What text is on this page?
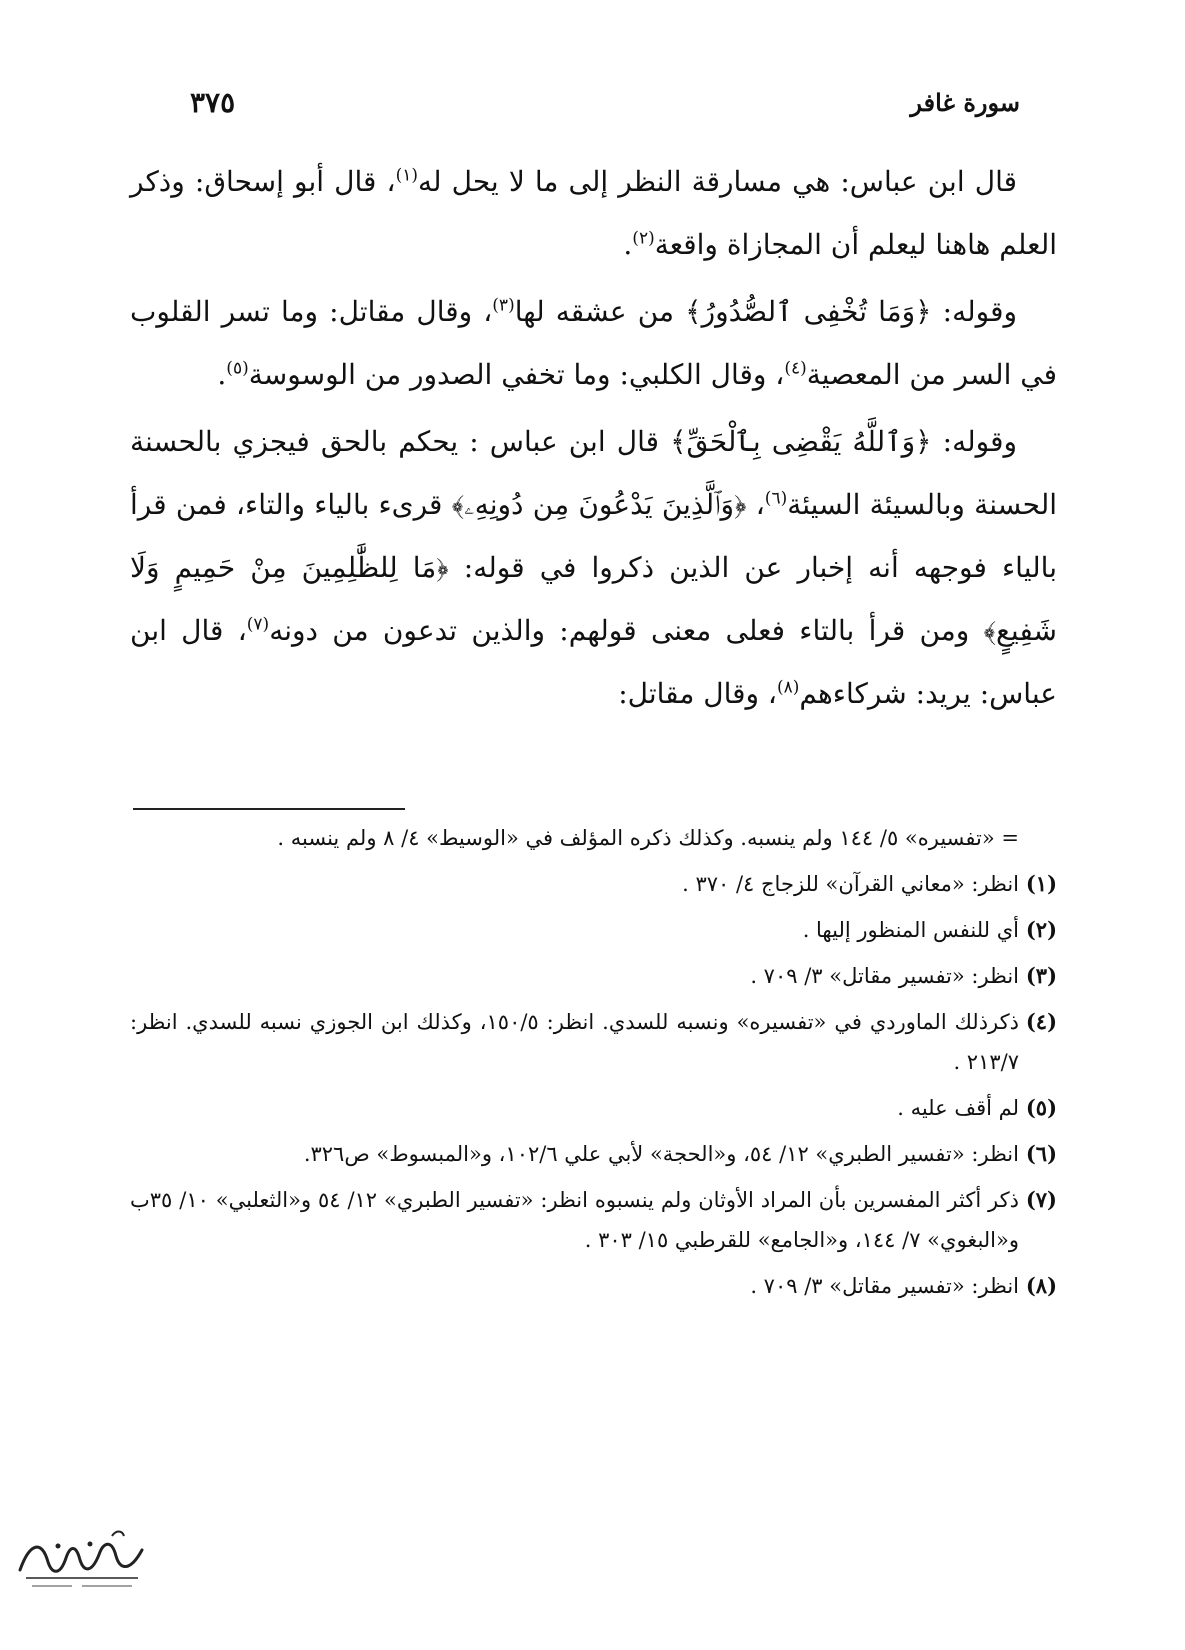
سورة غافر
٣٧٥

قال ابن عباس: هي مسارقة النظر إلى ما لا يحل له$^{(١)}$، قال أبو إسحاق: وذكر العلم هاهنا ليعلم أن المجازاة واقعة$^{(٢)}$.

وقوله: ﴿وَمَا تُخْفِى ٱلصُّدُورُ﴾ من عشقه لها$^{(٣)}$، وقال مقاتل: وما تسر القلوب في السر من المعصية$^{(٤)}$، وقال الكلبي: وما تخفي الصدور من الوسوسة$^{(٥)}$.

وقوله: ﴿وَٱللَّهُ يَقْضِى بِٱلْحَقِّ﴾ قال ابن عباس : يحكم بالحق فيجزي بالحسنة الحسنة وبالسيئة السيئة$^{(٦)}$، ﴿وَٱلَّذِينَ يَدْعُونَ مِن دُونِهِۦ﴾ قرىء بالياء والتاء، فمن قرأ بالياء فوجهه أنه إخبار عن الذين ذكروا في قوله: ﴿مَا لِلظَّٰلِمِينَ مِنْ حَمِيمٍ وَلَا شَفِيعٍ﴾ ومن قرأ بالتاء فعلى معنى قولهم: والذين تدعون من دونه$^{(٧)}$، قال ابن عباس: يريد: شركاءهم$^{(٨)}$، وقال مقاتل:

= «تفسيره» ٥/ ١٤٤ ولم ينسبه. وكذلك ذكره المؤلف في «الوسيط» ٤/ ٨ ولم ينسبه .

(١)انظر: «معاني القرآن» للزجاج ٤/ ٣٧٠ .

(٢)أي للنفس المنظور إليها .

(٣)انظر: «تفسير مقاتل» ٣/ ٧٠٩ .

(٤)ذكرذلك الماوردي في «تفسيره» ونسبه للسدي. انظر: ١٥٠/٥، وكذلك ابن الجوزي نسبه للسدي. انظر: ٢١٣/٧ .

(٥)لم أقف عليه .

(٦)انظر: «تفسير الطبري» ١٢/ ٥٤، و«الحجة» لأبي علي ١٠٢/٦، و«المبسوط» ص٣٢٦.

(٧)ذكر أكثر المفسرين بأن المراد الأوثان ولم ينسبوه انظر: «تفسير الطبري» ١٢/ ٥٤ و«الثعلبي» ١٠/ ٣٥ب و«البغوي» ٧/ ١٤٤، و«الجامع» للقرطبي ١٥/ ٣٠٣ .

(٨)انظر: «تفسير مقاتل» ٣/ ٧٠٩ .
